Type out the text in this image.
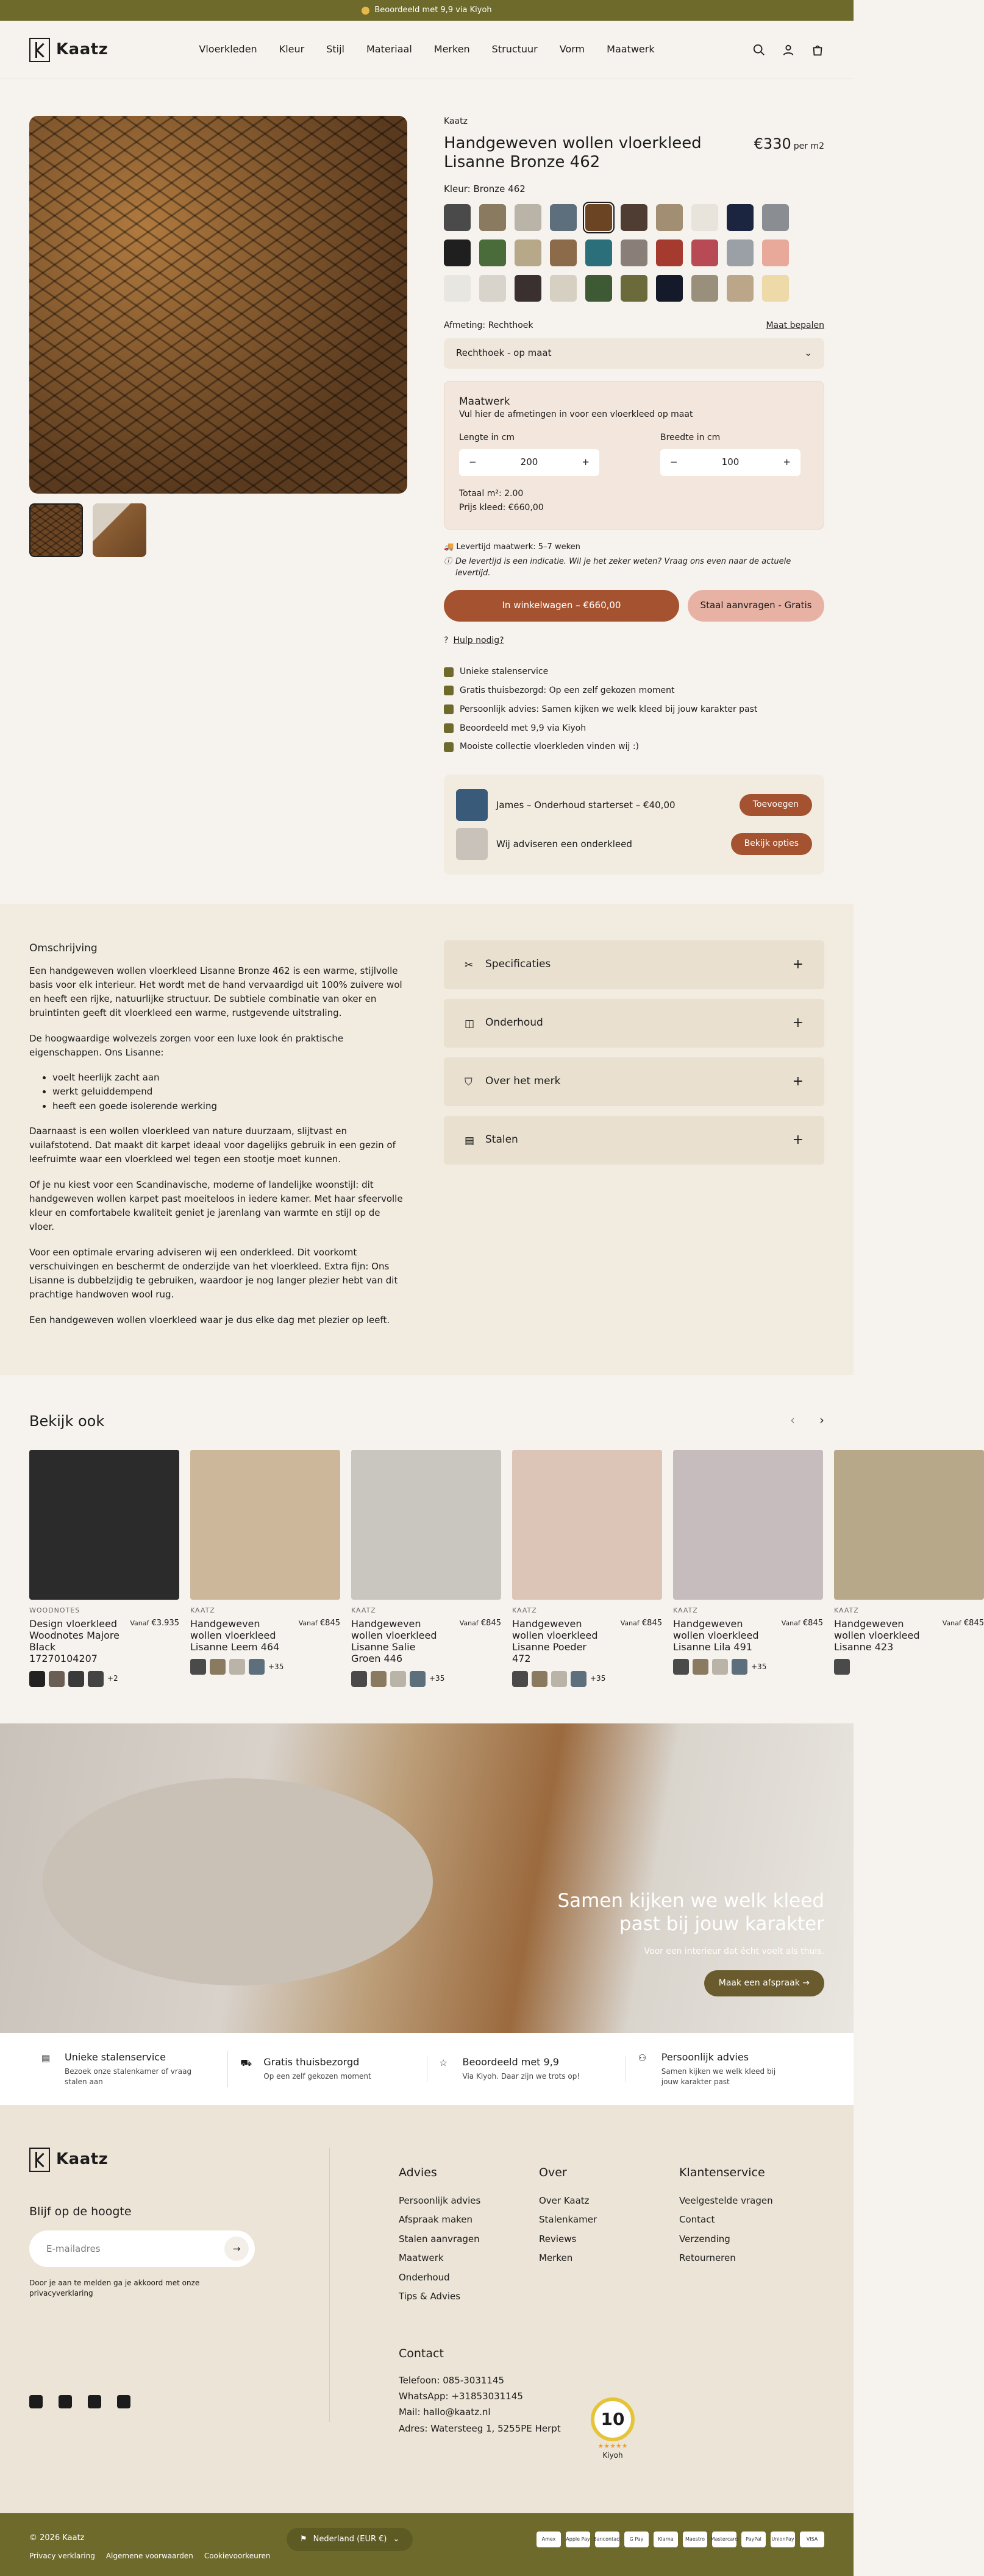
Beoordeeld met 9,9 via Kiyoh
Kaatz	Vloerkleden Kleur Stijl Materiaal Merken Structuur Vorm Maatwerk
Kaatz
Handgeweven wollen vloerkleed Lisanne Bronze 462
€330 per m2
Kleur: Bronze 462
Afmeting: Rechthoek	Maat bepalen
Rechthoek - op maat	⌄
Maatwerk
Vul hier de afmetingen in voor een vloerkleed op maat
Lengte in cm
−	200	+
Breedte in cm
−	100	+
Totaal m²: 2.00
Prijs kleed: €660,00
🚚 Levertijd maatwerk: 5–7 weken
ⓘ De levertijd is een indicatie. Wil je het zeker weten? Vraag ons even naar de actuele levertijd.
In winkelwagen – €660,00	Staal aanvragen - Gratis
? Hulp nodig?
Unieke stalenservice
Gratis thuisbezorgd: Op een zelf gekozen moment
Persoonlijk advies: Samen kijken we welk kleed bij jouw karakter past
Beoordeeld met 9,9 via Kiyoh
Mooiste collectie vloerkleden vinden wij :)
James – Onderhoud starterset – €40,00	Toevoegen
Wij adviseren een onderkleed	Bekijk opties
Omschrijving

Een handgeweven wollen vloerkleed Lisanne Bronze 462 is een warme, stijlvolle basis voor elk interieur. Het wordt met de hand vervaardigd uit 100% zuivere wol en heeft een rijke, natuurlijke structuur. De subtiele combinatie van oker en bruintinten geeft dit vloerkleed een warme, rustgevende uitstraling.

De hoogwaardige wolvezels zorgen voor een luxe look én praktische eigenschappen. Ons Lisanne:

• voelt heerlijk zacht aan
• werkt geluiddempend
• heeft een goede isolerende werking

Daarnaast is een wollen vloerkleed van nature duurzaam, slijtvast en vuilafstotend. Dat maakt dit karpet ideaal voor dagelijks gebruik in een gezin of leefruimte waar een vloerkleed wel tegen een stootje moet kunnen.

Of je nu kiest voor een Scandinavische, moderne of landelijke woonstijl: dit handgeweven wollen karpet past moeiteloos in iedere kamer. Met haar sfeervolle kleur en comfortabele kwaliteit geniet je jarenlang van warmte en stijl op de vloer.

Voor een optimale ervaring adviseren wij een onderkleed. Dit voorkomt verschuivingen en beschermt de onderzijde van het vloerkleed. Extra fijn: Ons Lisanne is dubbelzijdig te gebruiken, waardoor je nog langer plezier hebt van dit prachtige handwoven wool rug.

Een handgeweven wollen vloerkleed waar je dus elke dag met plezier op leeft.

✂	Specificaties	+
◫ Onderhoud	+
⛉	Over het merk	+
▤ Stalen	+
Bekijk ook	‹ ›
WOODNOTES
Design vloerkleed Woodnotes Majore Black 17270104207
Vanaf €3.935
+2
KAATZ
Handgeweven wollen vloerkleed Lisanne Leem 464
Vanaf €845
+35
KAATZ
Handgeweven wollen vloerkleed Lisanne Salie Groen 446
Vanaf €845
+35
KAATZ
Handgeweven wollen vloerkleed Lisanne Poeder 472
Vanaf €845
+35
KAATZ
Handgeweven wollen vloerkleed Lisanne Lila 491
Vanaf €845
+35
KAATZ
Handgeweven wollen vloerkleed Lisanne 423
Vanaf €845
Samen kijken we welk kleed past bij jouw karakter

Voor een interieur dat écht voelt als thuis.

Maak een afspraak →
▤	Unieke stalenservice

Bezoek onze stalenkamer of vraag stalen aan

⛟ Gratis thuisbezorgd

Op een zelf gekozen moment

☆	Beoordeeld met 9,9

Via Kiyoh. Daar zijn we trots op!

⚇	Persoonlijk advies

Samen kijken we welk kleed bij jouw karakter past

Kaatz
Blijf op de hoogte
E-mailadres	→
Door je aan te melden ga je akkoord met onze privacyverklaring
Advies
Persoonlijk advies
Afspraak maken
Stalen aanvragen
Maatwerk
Onderhoud
Tips & Advies
Over
Over Kaatz
Stalenkamer
Reviews
Merken
Klantenservice
Veelgestelde vragen
Contact
Verzending
Retourneren
Contact
Telefoon: 085-3031145
WhatsApp: +31853031145
Mail: hallo@kaatz.nl
Adres: Watersteeg 1, 5255PE Herpt	10
★★★★★

Kiyoh

© 2026 Kaatz
Privacy verklaring Algemene voorwaarden Cookievoorkeuren
⚑ Nederland (EUR €) ⌄	Amex	Apple Pay Bancontact	G Pay	Klarna	Maestro	Mastercard	PayPal	UnionPay	VISA
